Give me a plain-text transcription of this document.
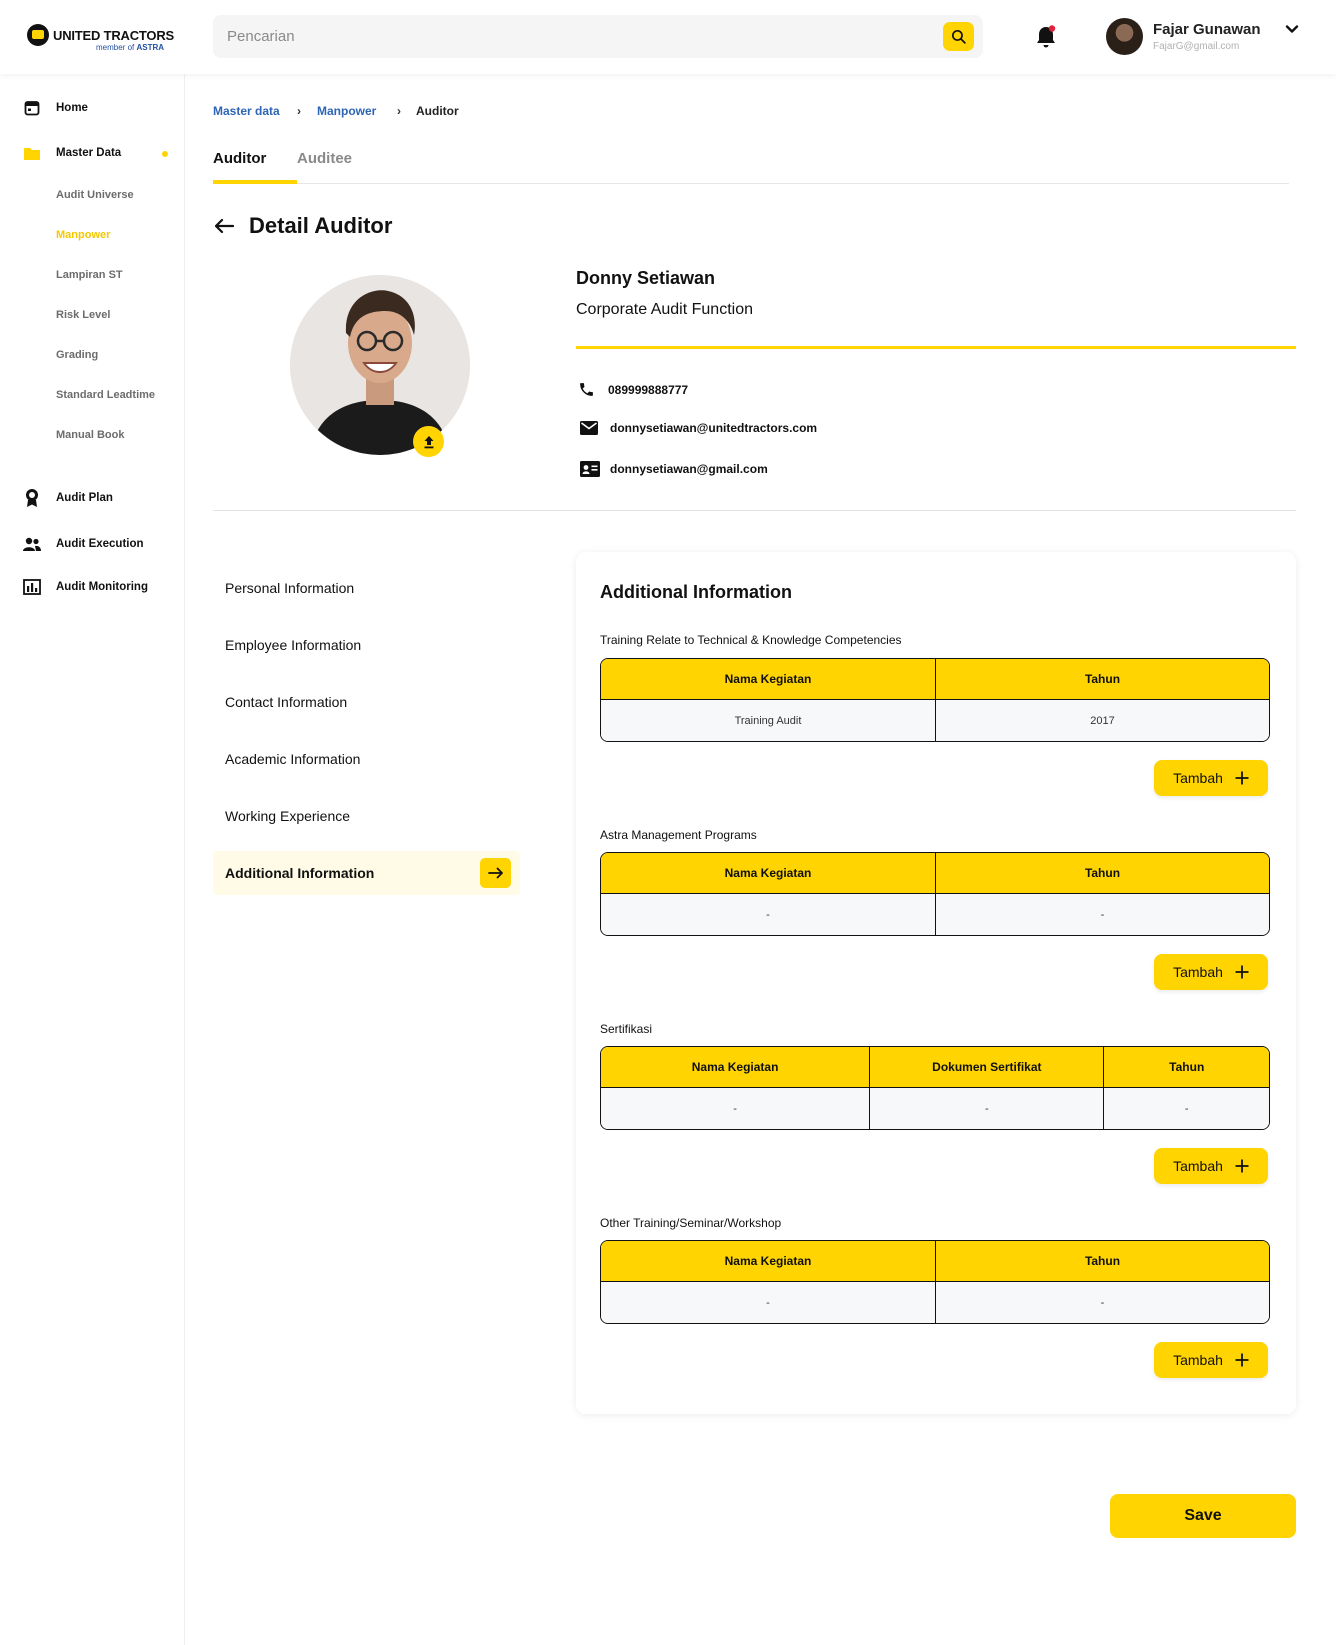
UNITED TRACTORS
member of ASTRA
Pencarian
Fajar Gunawan
FajarG@gmail.com
Home
Master Data
Audit Universe
Manpower
Lampiran ST
Risk Level
Grading
Standard Leadtime
Manual Book
Audit Plan
Audit Execution
Audit Monitoring
Master data › Manpower › Auditor
Auditor Auditee
Detail Auditor
Donny Setiawan
Corporate Audit Function
089999888777
donnysetiawan@unitedtractors.com
donnysetiawan@gmail.com
Personal Information
Employee Information
Contact Information
Academic Information
Working Experience
Additional Information
Additional Information
Training Relate to Technical & Knowledge Competencies
Nama Kegiatan	Tahun
Training Audit	2017
Tambah
Astra Management Programs
Nama Kegiatan	Tahun
-	-
Tambah
Sertifikasi
Nama Kegiatan	Dokumen Sertifikat	Tahun
-	-	-
Tambah
Other Training/Seminar/Workshop
Nama Kegiatan	Tahun
-	-
Tambah
Save
